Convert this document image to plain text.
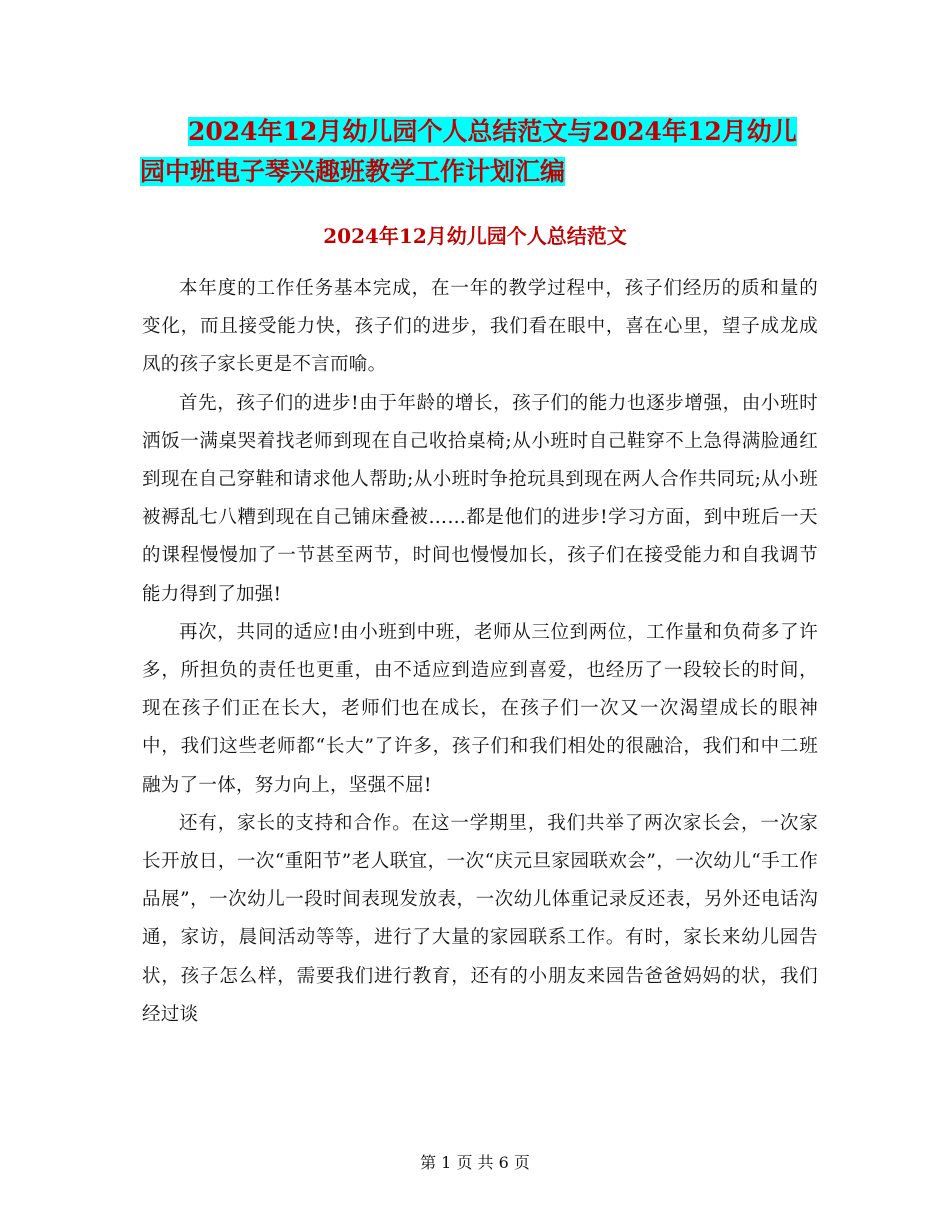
2024年12月幼儿园个人总结范文与2024年12月幼儿
园中班电子琴兴趣班教学工作计划汇编
2024年12月幼儿园个人总结范文

本年度的工作任务基本完成，在一年的教学过程中，孩子们经历的质和量的变化，而且接受能力快，孩子们的进步，我们看在眼中，喜在心里，望子成龙成凤的孩子家长更是不言而喻。

首先，孩子们的进步!由于年龄的增长，孩子们的能力也逐步增强，由小班时洒饭一满桌哭着找老师到现在自己收拾桌椅;从小班时自己鞋穿不上急得满脸通红到现在自己穿鞋和请求他人帮助;从小班时争抢玩具到现在两人合作共同玩;从小班被褥乱七八糟到现在自己铺床叠被……都是他们的进步!学习方面，到中班后一天的课程慢慢加了一节甚至两节，时间也慢慢加长，孩子们在接受能力和自我调节能力得到了加强!

再次，共同的适应!由小班到中班，老师从三位到两位，工作量和负荷多了许多，所担负的责任也更重，由不适应到造应到喜爱，也经历了一段较长的时间，现在孩子们正在长大，老师们也在成长，在孩子们一次又一次渴望成长的眼神中，我们这些老师都“长大”了许多，孩子们和我们相处的很融洽，我们和中二班融为了一体，努力向上，坚强不屈!

还有，家长的支持和合作。在这一学期里，我们共举了两次家长会，一次家长开放日，一次“重阳节”老人联宜，一次“庆元旦家园联欢会”，一次幼儿“手工作品展”，一次幼儿一段时间表现发放表，一次幼儿体重记录反还表，另外还电话沟通，家访，晨间活动等等，进行了大量的家园联系工作。有时，家长来幼儿园告状，孩子怎么样，需要我们进行教育，还有的小朋友来园告爸爸妈妈的状，我们经过谈

第 1 页 共 6 页
